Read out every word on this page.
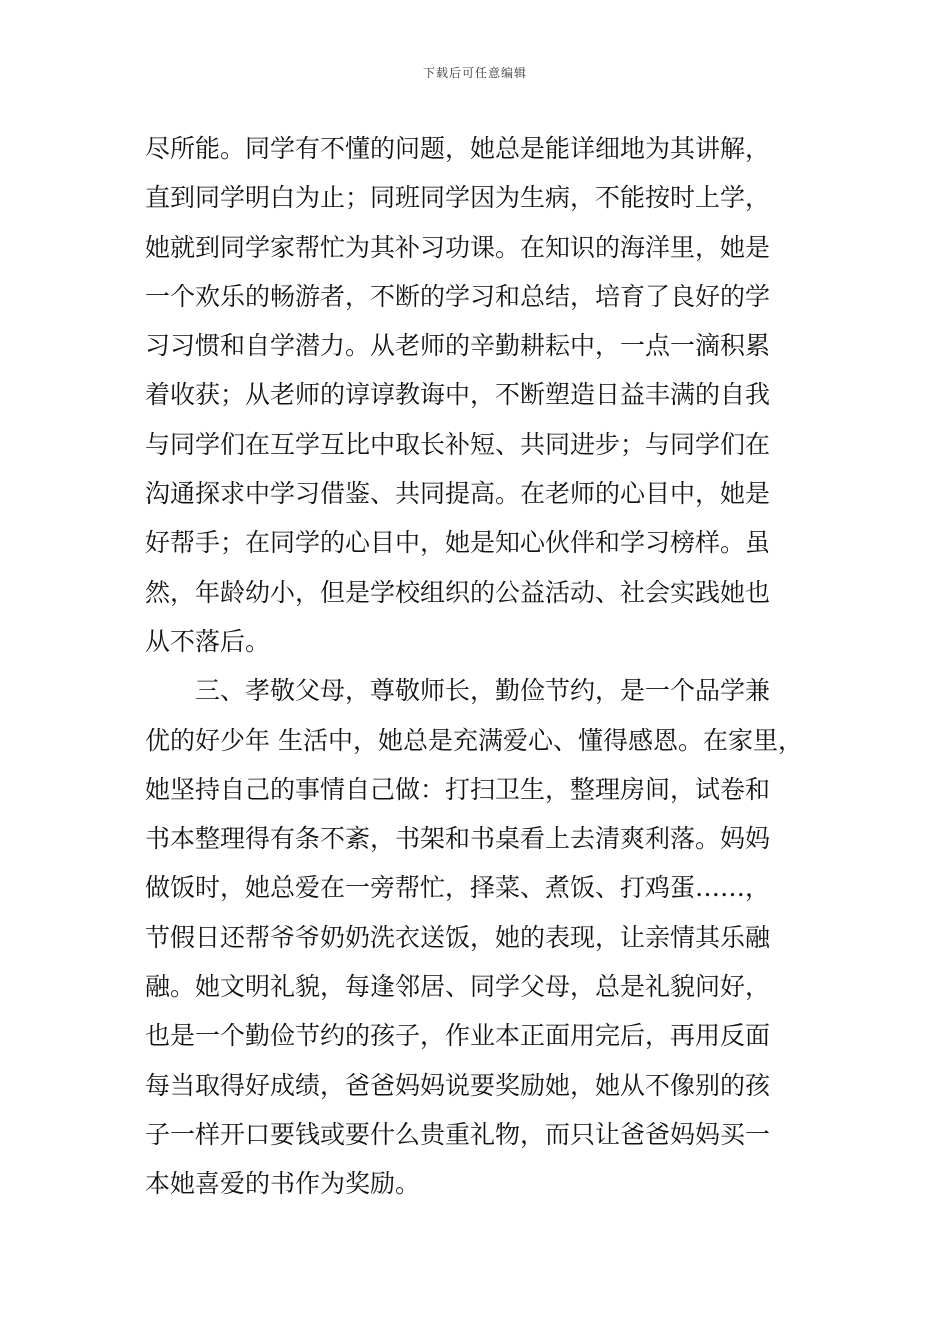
下载后可任意编辑
尽所能。同学有不懂的问题，她总是能详细地为其讲解，
直到同学明白为止；同班同学因为生病，不能按时上学，
她就到同学家帮忙为其补习功课。在知识的海洋里，她是
一个欢乐的畅游者，不断的学习和总结，培育了良好的学
习习惯和自学潜力。从老师的辛勤耕耘中，一点一滴积累
着收获；从老师的谆谆教诲中，不断塑造日益丰满的自我
与同学们在互学互比中取长补短、共同进步；与同学们在
沟通探求中学习借鉴、共同提高。在老师的心目中，她是
好帮手；在同学的心目中，她是知心伙伴和学习榜样。虽
然，年龄幼小，但是学校组织的公益活动、社会实践她也
从不落后。
三、孝敬父母，尊敬师长，勤俭节约，是一个品学兼
优的好少年 生活中，她总是充满爱心、懂得感恩。在家里，
她坚持自己的事情自己做：打扫卫生，整理房间，试卷和
书本整理得有条不紊，书架和书桌看上去清爽利落。妈妈
做饭时，她总爱在一旁帮忙，择菜、煮饭、打鸡蛋……，
节假日还帮爷爷奶奶洗衣送饭，她的表现，让亲情其乐融
融。她文明礼貌，每逢邻居、同学父母，总是礼貌问好，
也是一个勤俭节约的孩子，作业本正面用完后，再用反面
每当取得好成绩，爸爸妈妈说要奖励她，她从不像别的孩
子一样开口要钱或要什么贵重礼物，而只让爸爸妈妈买一
本她喜爱的书作为奖励。
